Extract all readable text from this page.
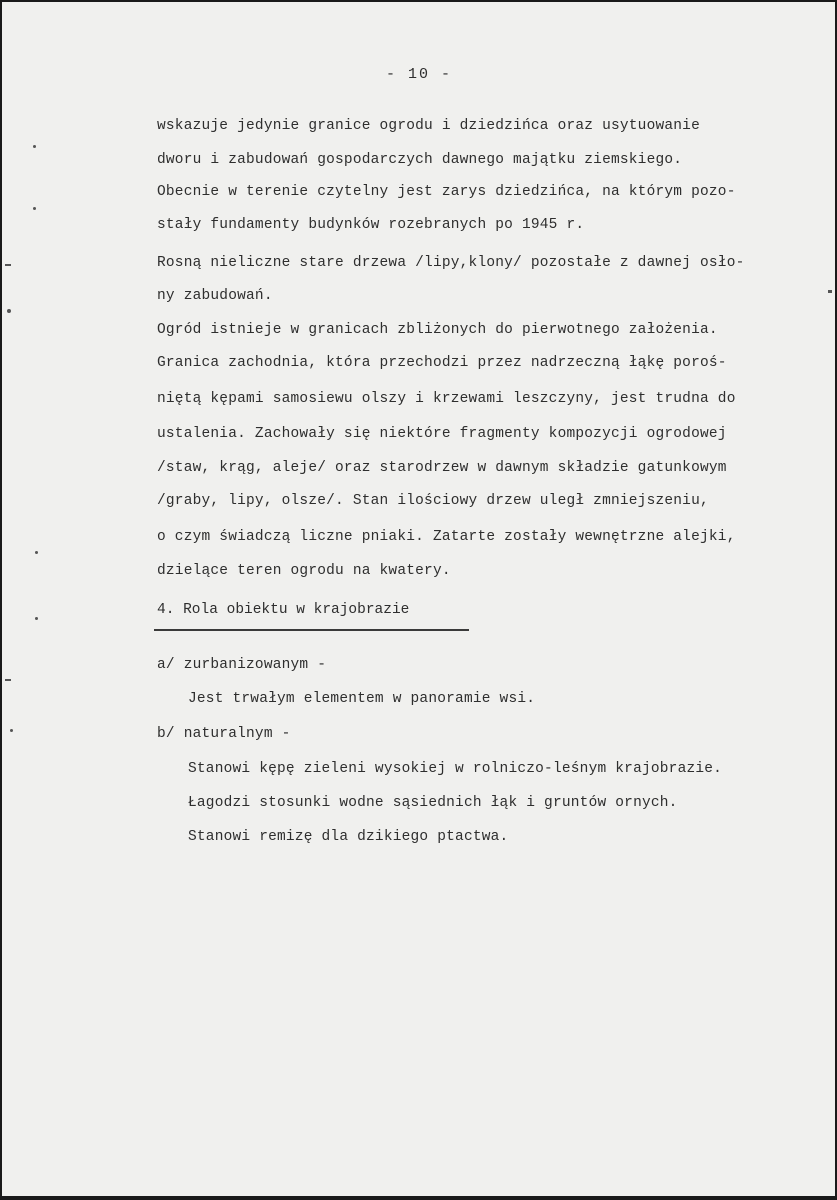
- 10 -
wskazuje jedynie granice ogrodu i dziedzińca oraz usytuowanie
dworu i zabudowań gospodarczych dawnego majątku ziemskiego.
Obecnie w terenie czytelny jest zarys dziedzińca, na którym pozo-
stały fundamenty budynków rozebranych po 1945 r.
Rosną nieliczne stare drzewa /lipy,klony/ pozostałe z dawnej osło-
ny zabudowań.
Ogród istnieje w granicach zbliżonych do pierwotnego założenia.
Granica zachodnia, która przechodzi przez nadrzeczną łąkę poroś-
niętą kępami samosiewu olszy i krzewami leszczyny, jest trudna do
ustalenia. Zachowały się niektóre fragmenty kompozycji ogrodowej
/staw, krąg, aleje/ oraz starodrzew w dawnym składzie gatunkowym
/graby, lipy, olsze/. Stan ilościowy drzew uległ zmniejszeniu,
o czym świadczą liczne pniaki. Zatarte zostały wewnętrzne alejki,
dzielące teren ogrodu na kwatery.
4. Rola obiektu w krajobrazie
a/ zurbanizowanym -
Jest trwałym elementem w panoramie wsi.
b/ naturalnym -
Stanowi kępę zieleni wysokiej w rolniczo-leśnym krajobrazie.
Łagodzi stosunki wodne sąsiednich łąk i gruntów ornych.
Stanowi remizę dla dzikiego ptactwa.
